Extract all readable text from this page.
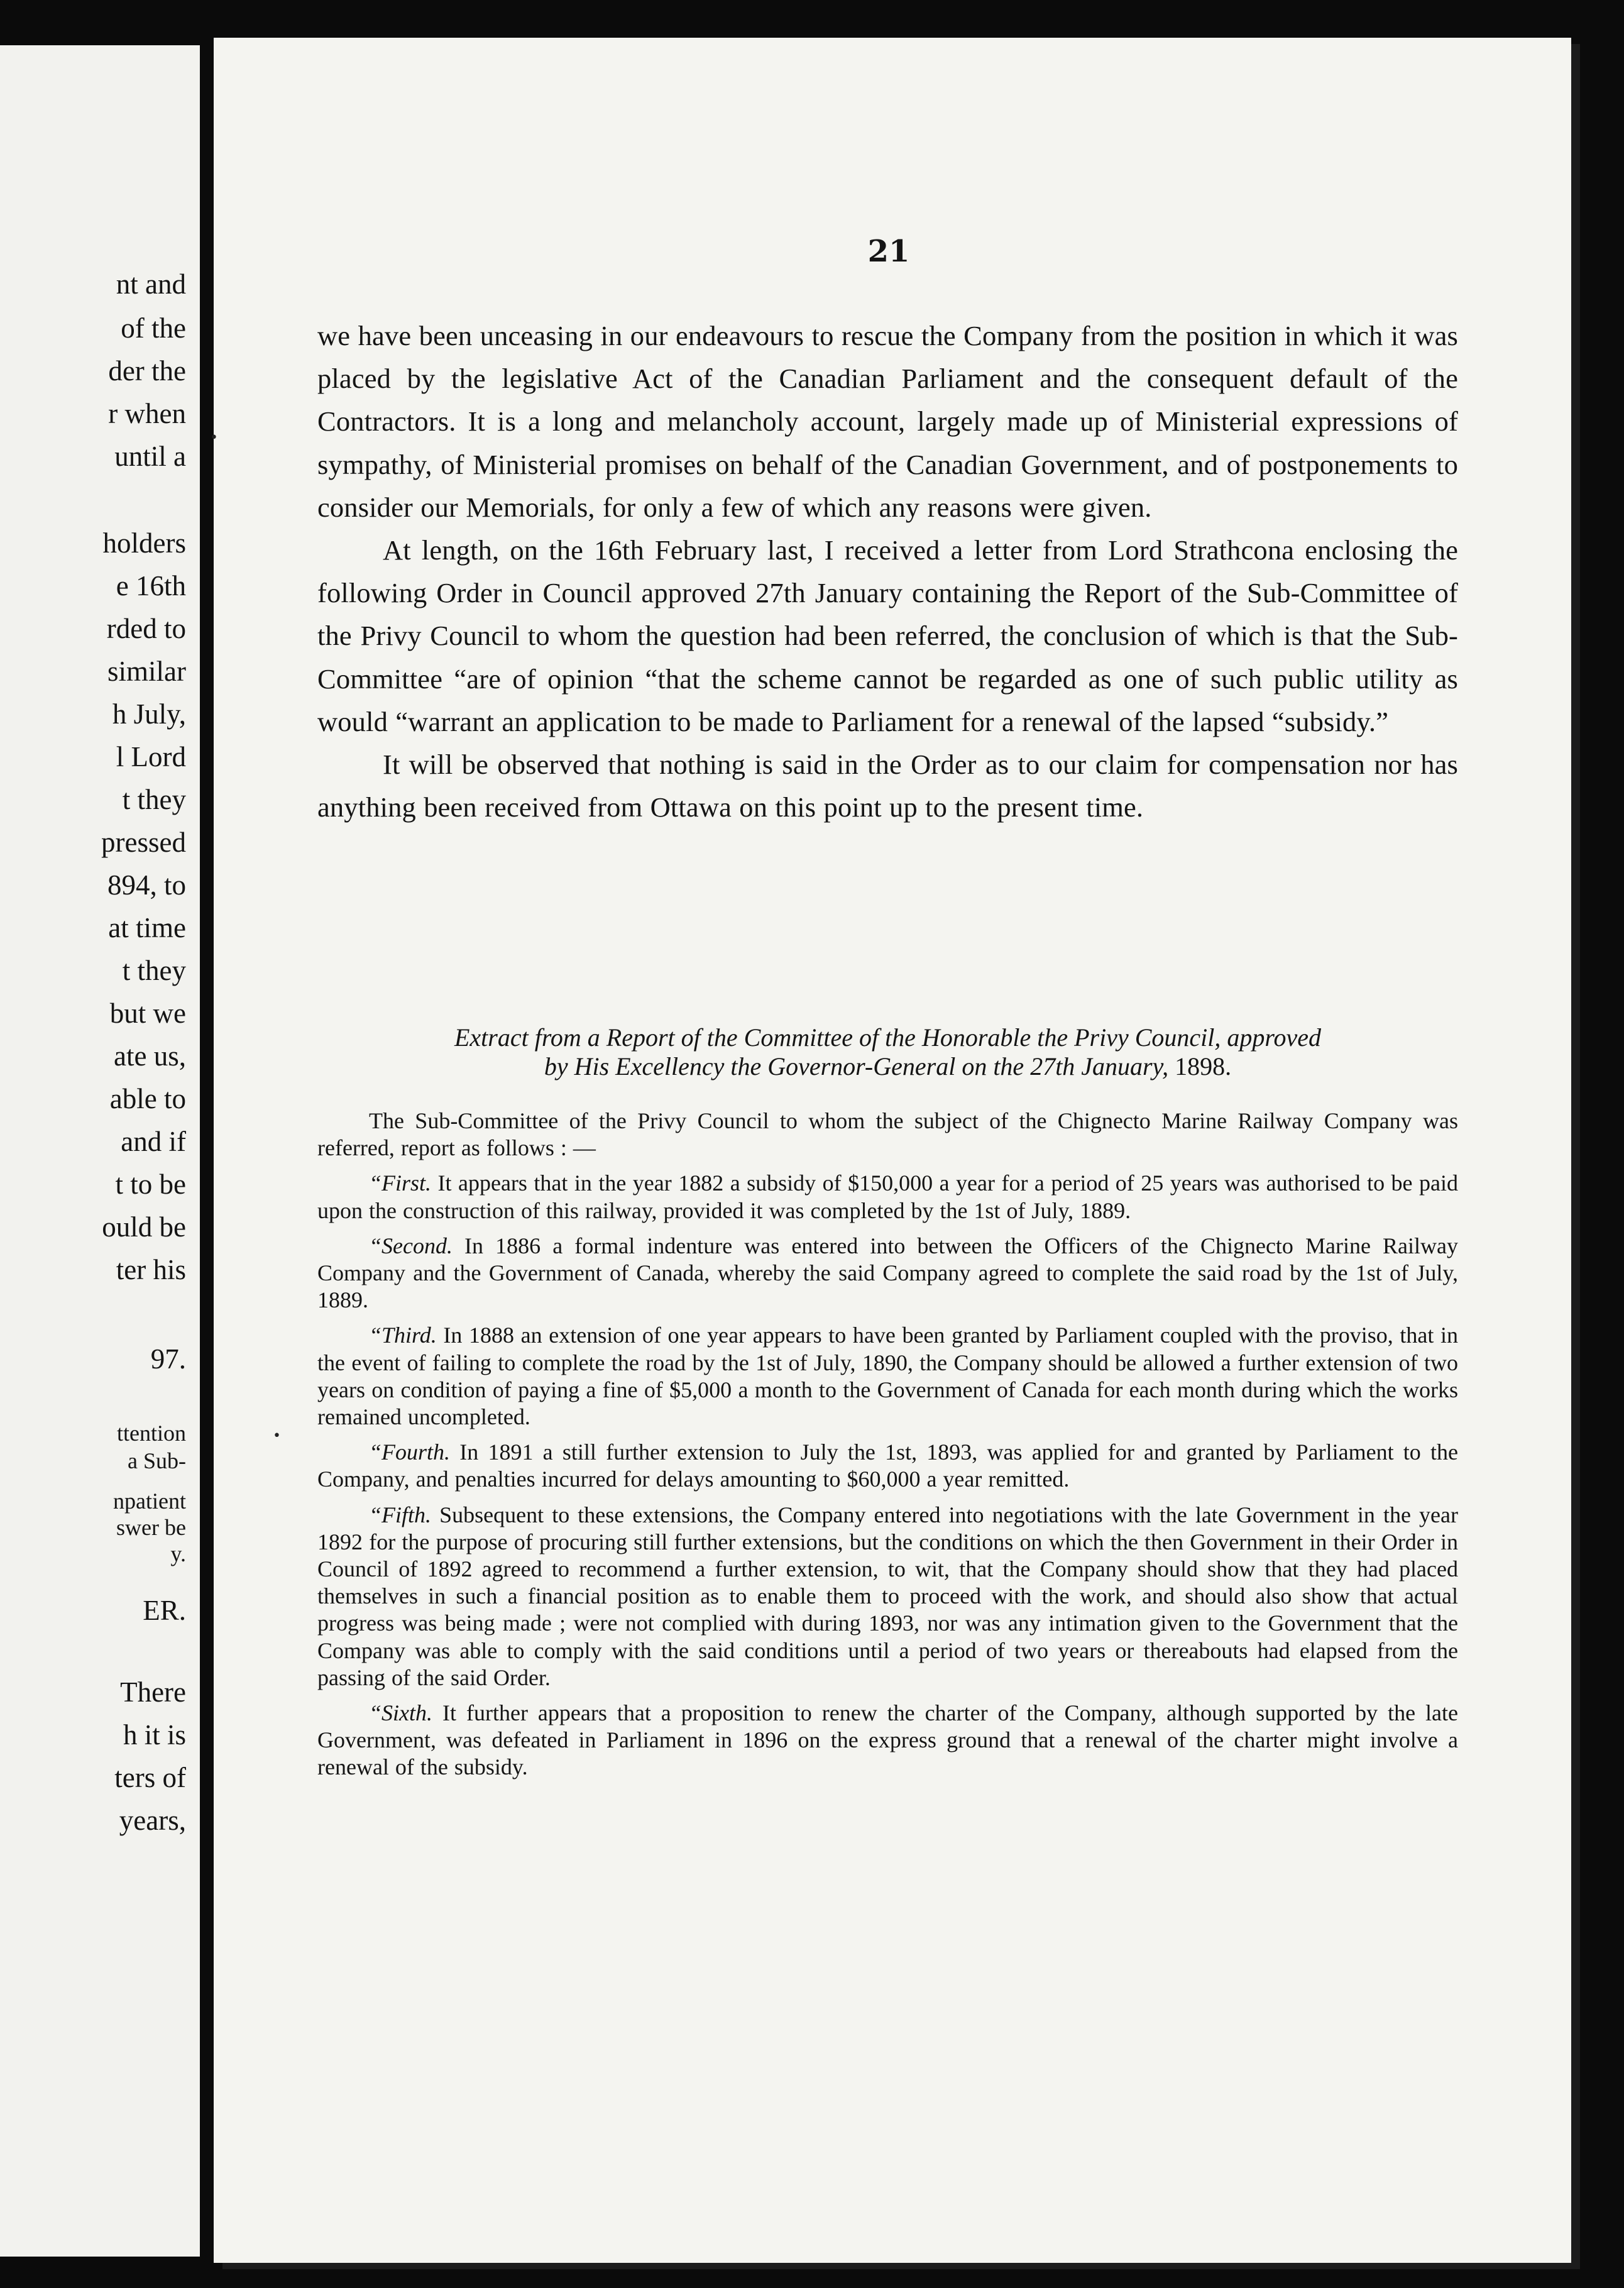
nt and
of the
der the
r when
until a
holders
e 16th
rded to
similar
h July,
l Lord
t they
pressed
894, to
at time
t they
but we
ate us,
able to
and if
t to be
ould be
ter his
97.
ttention
a Sub-
npatient
swer be
y.
ER.
There
h it is
ters of
years,
21

we have been unceasing in our endeavours to rescue the Company from the position in which it was placed by the legislative Act of the Canadian Parliament and the consequent default of the Contractors. It is a long and melancholy account, largely made up of Ministerial expressions of sympathy, of Ministerial promises on behalf of the Canadian Government, and of postponements to consider our Memorials, for only a few of which any reasons were given.

At length, on the 16th February last, I received a letter from Lord Strathcona enclosing the following Order in Council approved 27th January containing the Report of the Sub-Committee of the Privy Council to whom the question had been referred, the conclusion of which is that the Sub-Committee “are of opinion “that the scheme cannot be regarded as one of such public utility as would “warrant an application to be made to Parliament for a renewal of the lapsed “subsidy.”

It will be observed that nothing is said in the Order as to our claim for compensation nor has anything been received from Ottawa on this point up to the present time.

Extract from a Report of the Committee of the Honorable the Privy Council, approved
by His Excellency the Governor-General on the 27th January, 1898.

The Sub-Committee of the Privy Council to whom the subject of the Chignecto Marine Railway Company was referred, report as follows : —

“First. It appears that in the year 1882 a subsidy of $150,000 a year for a period of 25 years was authorised to be paid upon the construction of this railway, provided it was completed by the 1st of July, 1889.

“Second. In 1886 a formal indenture was entered into between the Officers of the Chignecto Marine Railway Company and the Government of Canada, whereby the said Company agreed to complete the said road by the 1st of July, 1889.

“Third. In 1888 an extension of one year appears to have been granted by Parliament coupled with the proviso, that in the event of failing to complete the road by the 1st of July, 1890, the Company should be allowed a further extension of two years on condition of paying a fine of $5,000 a month to the Government of Canada for each month during which the works remained uncompleted.

“Fourth. In 1891 a still further extension to July the 1st, 1893, was applied for and granted by Parliament to the Company, and penalties incurred for delays amounting to $60,000 a year remitted.

“Fifth. Subsequent to these extensions, the Company entered into negotiations with the late Government in the year 1892 for the purpose of procuring still further extensions, but the conditions on which the then Government in their Order in Council of 1892 agreed to recommend a further extension, to wit, that the Company should show that they had placed themselves in such a financial position as to enable them to proceed with the work, and should also show that actual progress was being made ; were not complied with during 1893, nor was any intimation given to the Government that the Company was able to comply with the said conditions until a period of two years or thereabouts had elapsed from the passing of the said Order.

“Sixth. It further appears that a proposition to renew the charter of the Company, although supported by the late Government, was defeated in Parliament in 1896 on the express ground that a renewal of the charter might involve a renewal of the subsidy.

•
•
